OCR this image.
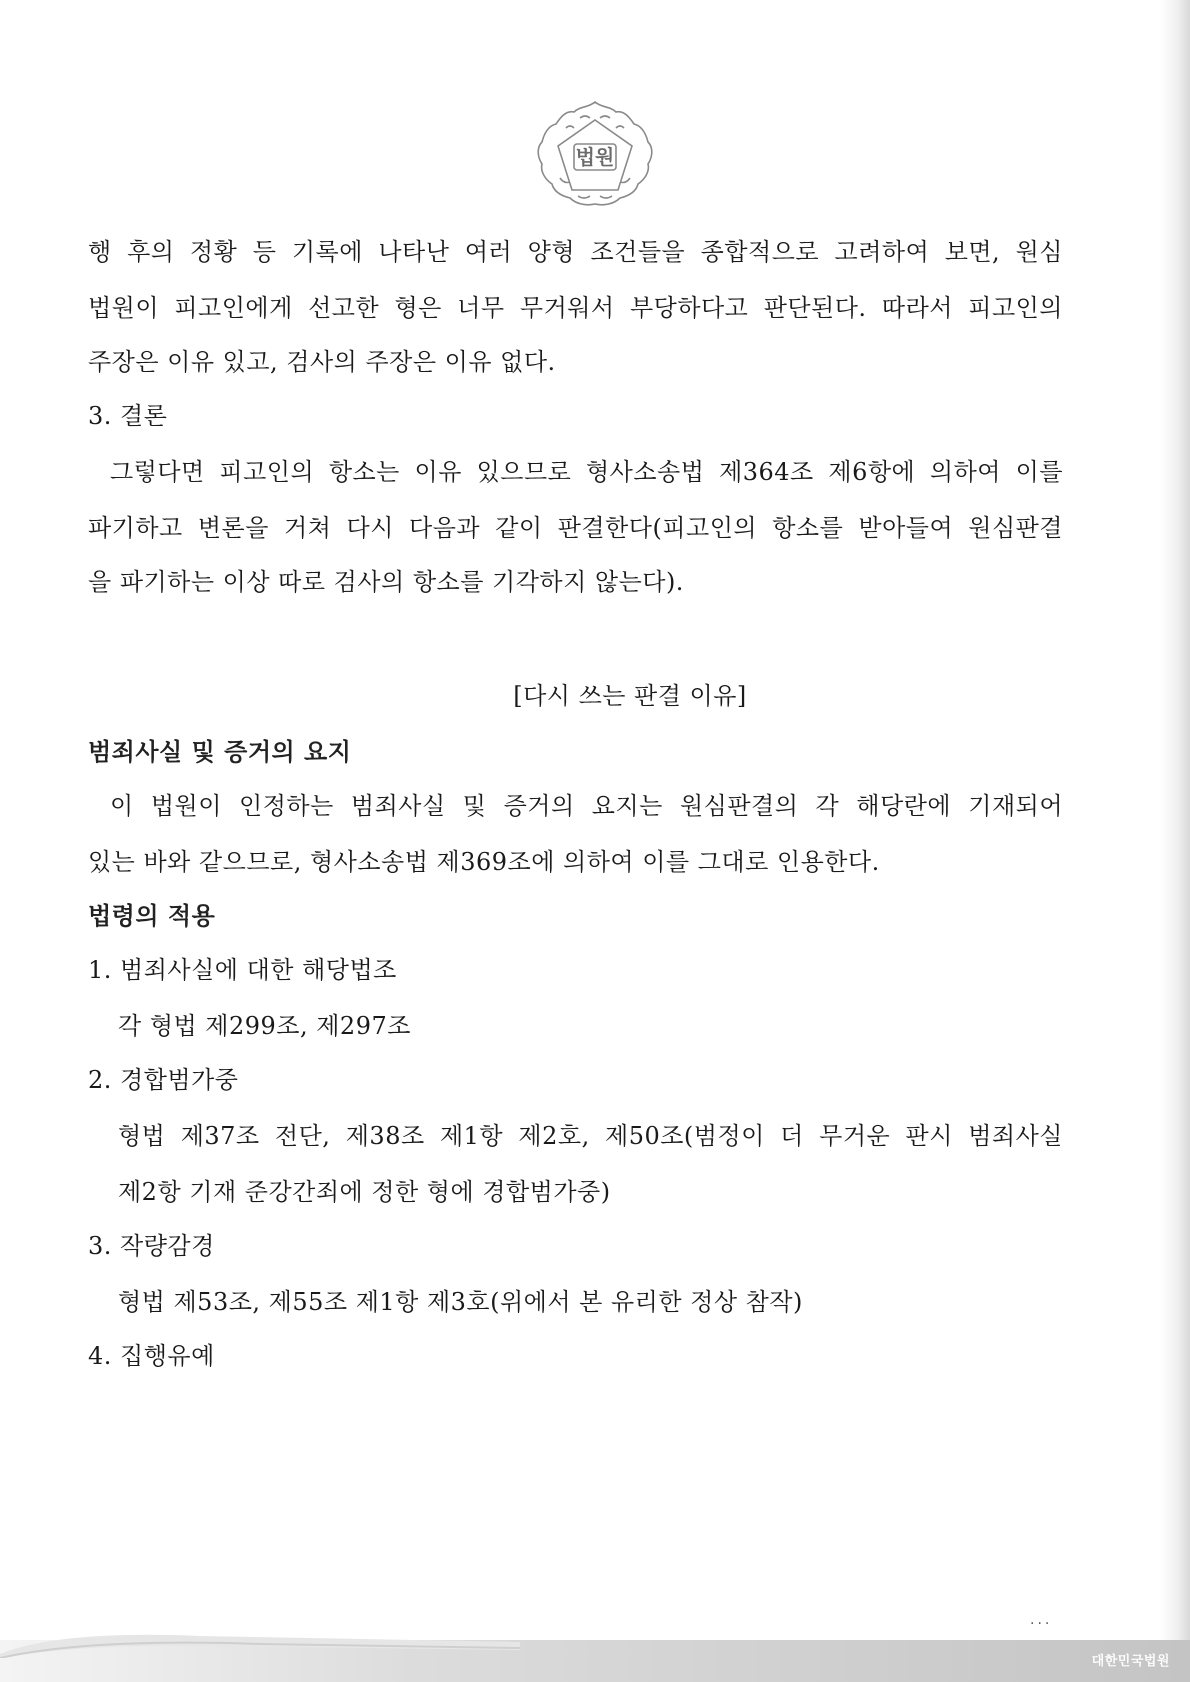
법원
행 후의 정황 등 기록에 나타난 여러 양형 조건들을 종합적으로 고려하여 보면, 원심
법원이 피고인에게 선고한 형은 너무 무거워서 부당하다고 판단된다. 따라서 피고인의
주장은 이유 있고, 검사의 주장은 이유 없다.
3. 결론
그렇다면 피고인의 항소는 이유 있으므로 형사소송법 제364조 제6항에 의하여 이를
파기하고 변론을 거쳐 다시 다음과 같이 판결한다(피고인의 항소를 받아들여 원심판결
을 파기하는 이상 따로 검사의 항소를 기각하지 않는다).
[다시 쓰는 판결 이유]
범죄사실 및 증거의 요지
이 법원이 인정하는 범죄사실 및 증거의 요지는 원심판결의 각 해당란에 기재되어
있는 바와 같으므로, 형사소송법 제369조에 의하여 이를 그대로 인용한다.
법령의 적용
1. 범죄사실에 대한 해당법조
각 형법 제299조, 제297조
2. 경합범가중
형법 제37조 전단, 제38조 제1항 제2호, 제50조(범정이 더 무거운 판시 범죄사실
제2항 기재 준강간죄에 정한 형에 경합범가중)
3. 작량감경
형법 제53조, 제55조 제1항 제3호(위에서 본 유리한 정상 참작)
4. 집행유예
...
대한민국법원
